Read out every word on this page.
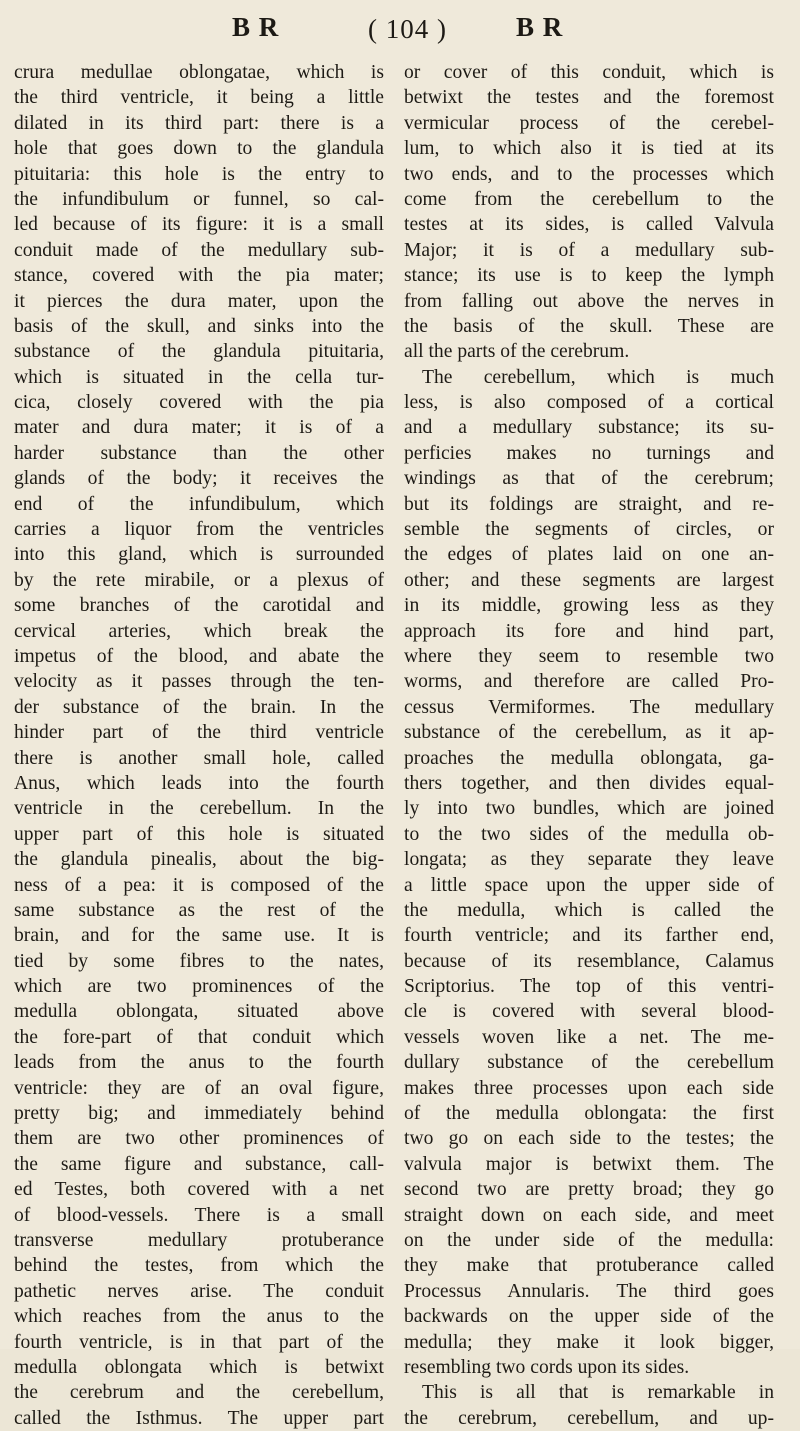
B R	( 104 )	B R
crura medullae oblongatae, which is
the third ventricle, it being a little
dilated in its third part: there is a
hole that goes down to the glandula
pituitaria: this hole is the entry to
the infundibulum or funnel, so cal-
led because of its figure: it is a small
conduit made of the medullary sub-
stance, covered with the pia mater;
it pierces the dura mater, upon the
basis of the skull, and sinks into the
substance of the glandula pituitaria,
which is situated in the cella tur-
cica, closely covered with the pia
mater and dura mater; it is of a
harder substance than the other
glands of the body; it receives the
end of the infundibulum, which
carries a liquor from the ventricles
into this gland, which is surrounded
by the rete mirabile, or a plexus of
some branches of the carotidal and
cervical arteries, which break the
impetus of the blood, and abate the
velocity as it passes through the ten-
der substance of the brain. In the
hinder part of the third ventricle
there is another small hole, called
Anus, which leads into the fourth
ventricle in the cerebellum. In the
upper part of this hole is situated
the glandula pinealis, about the big-
ness of a pea: it is composed of the
same substance as the rest of the
brain, and for the same use. It is
tied by some fibres to the nates,
which are two prominences of the
medulla oblongata, situated above
the fore-part of that conduit which
leads from the anus to the fourth
ventricle: they are of an oval figure,
pretty big; and immediately behind
them are two other prominences of
the same figure and substance, call-
ed Testes, both covered with a net
of blood-vessels. There is a small
transverse medullary protuberance
behind the testes, from which the
pathetic nerves arise. The conduit
which reaches from the anus to the
fourth ventricle, is in that part of the
medulla oblongata which is betwixt
the cerebrum and the cerebellum,
called the Isthmus. The upper part
or cover of this conduit, which is
betwixt the testes and the foremost
vermicular process of the cerebel-
lum, to which also it is tied at its
two ends, and to the processes which
come from the cerebellum to the
testes at its sides, is called Valvula
Major; it is of a medullary sub-
stance; its use is to keep the lymph
from falling out above the nerves in
the basis of the skull. These are
all the parts of the cerebrum.
The cerebellum, which is much
less, is also composed of a cortical
and a medullary substance; its su-
perficies makes no turnings and
windings as that of the cerebrum;
but its foldings are straight, and re-
semble the segments of circles, or
the edges of plates laid on one an-
other; and these segments are largest
in its middle, growing less as they
approach its fore and hind part,
where they seem to resemble two
worms, and therefore are called Pro-
cessus Vermiformes. The medullary
substance of the cerebellum, as it ap-
proaches the medulla oblongata, ga-
thers together, and then divides equal-
ly into two bundles, which are joined
to the two sides of the medulla ob-
longata; as they separate they leave
a little space upon the upper side of
the medulla, which is called the
fourth ventricle; and its farther end,
because of its resemblance, Calamus
Scriptorius. The top of this ventri-
cle is covered with several blood-
vessels woven like a net. The me-
dullary substance of the cerebellum
makes three processes upon each side
of the medulla oblongata: the first
two go on each side to the testes; the
valvula major is betwixt them. The
second two are pretty broad; they go
straight down on each side, and meet
on the under side of the medulla:
they make that protuberance called
Processus Annularis. The third goes
backwards on the upper side of the
medulla; they make it look bigger,
resembling two cords upon its sides.
This is all that is remarkable in
the cerebrum, cerebellum, and up-
